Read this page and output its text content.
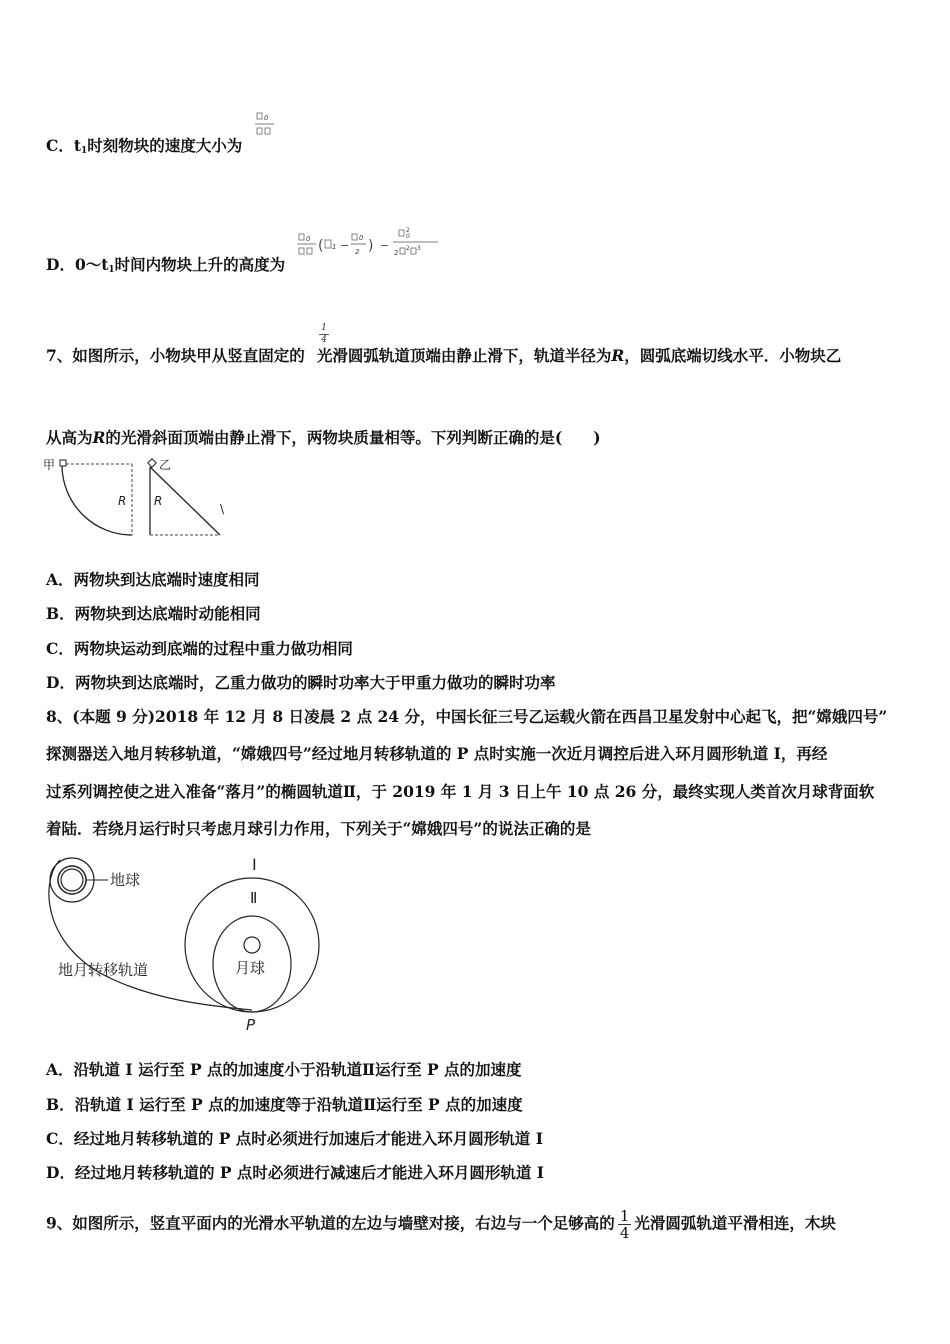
C．$t_1$时刻物块的速度大小为
0
D．$0\sim t_1$时间内物块上升的高度为
0 ( 1 −
0
2 ) −
2
0
2
2 3
7、如图所示，小物块甲从竖直固定的 光滑圆弧轨道顶端由静止滑下，轨道半径为R，圆弧底端切线水平．小物块乙
$\frac{1}{4}$
从高为R的光滑斜面顶端由静止滑下，两物块质量相等。下列判断正确的是(　　)
甲
R
乙
R
\
A．两物块到达底端时速度相同
B．两物块到达底端时动能相同
C．两物块运动到底端的过程中重力做功相同
D．两物块到达底端时，乙重力做功的瞬时功率大于甲重力做功的瞬时功率
8、(本题 9 分)2018 年 12 月 8 日凌晨 2 点 24 分，中国长征三号乙运载火箭在西昌卫星发射中心起飞，把“嫦娥四号”
探测器送入地月转移轨道，“嫦娥四号”经过地月转移轨道的 P 点时实施一次近月调控后进入环月圆形轨道 I，再经
过系列调控使之进入准备“落月”的椭圆轨道Ⅱ，于 2019 年 1 月 3 日上午 10 点 26 分，最终实现人类首次月球背面软
着陆．若绕月运行时只考虑月球引力作用，下列关于“嫦娥四号”的说法正确的是
地球
地月转移轨道	月球
I
Ⅱ
P
A．沿轨道 I 运行至 P 点的加速度小于沿轨道Ⅱ运行至 P 点的加速度
B．沿轨道 I 运行至 P 点的加速度等于沿轨道Ⅱ运行至 P 点的加速度
C．经过地月转移轨道的 P 点时必须进行加速后才能进入环月圆形轨道 I
D．经过地月转移轨道的 P 点时必须进行减速后才能进入环月圆形轨道 I
9、如图所示，竖直平面内的光滑水平轨道的左边与墙壁对接，右边与一个足够高的 $\frac{1}{4}$ 光滑圆弧轨道平滑相连，木块
